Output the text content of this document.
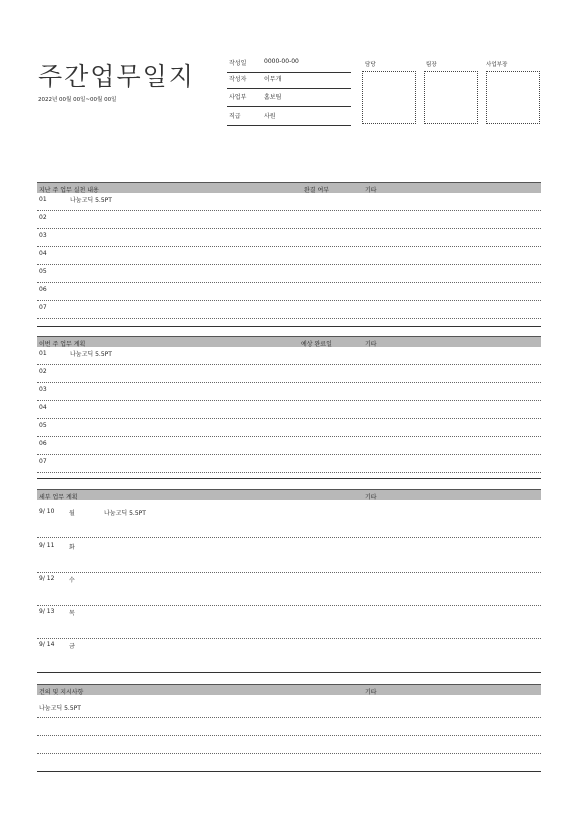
주간업무일지
2022년 00월 00일~00월 00일
작성일	0000-00-00
작성자	이무개
사업부	홈보팀
직급	사원
담당	팀장	사업부장
지난 주 업무 실천 내용	완결 여부	기타
01	나눔고딕 5.5PT
02
03
04
05
06
07
이번 주 업무 계획	예상 완료일	기타
01	나눔고딕 5.5PT
02
03
04
05
06
07
세부 업무 계획	기타
9/ 10 월	나눔고딕 5.5PT
9/ 11 화
9/ 12 수
9/ 13 목
9/ 14 금
건의 및 지시사항	기타
나눔고딕 5.5PT
